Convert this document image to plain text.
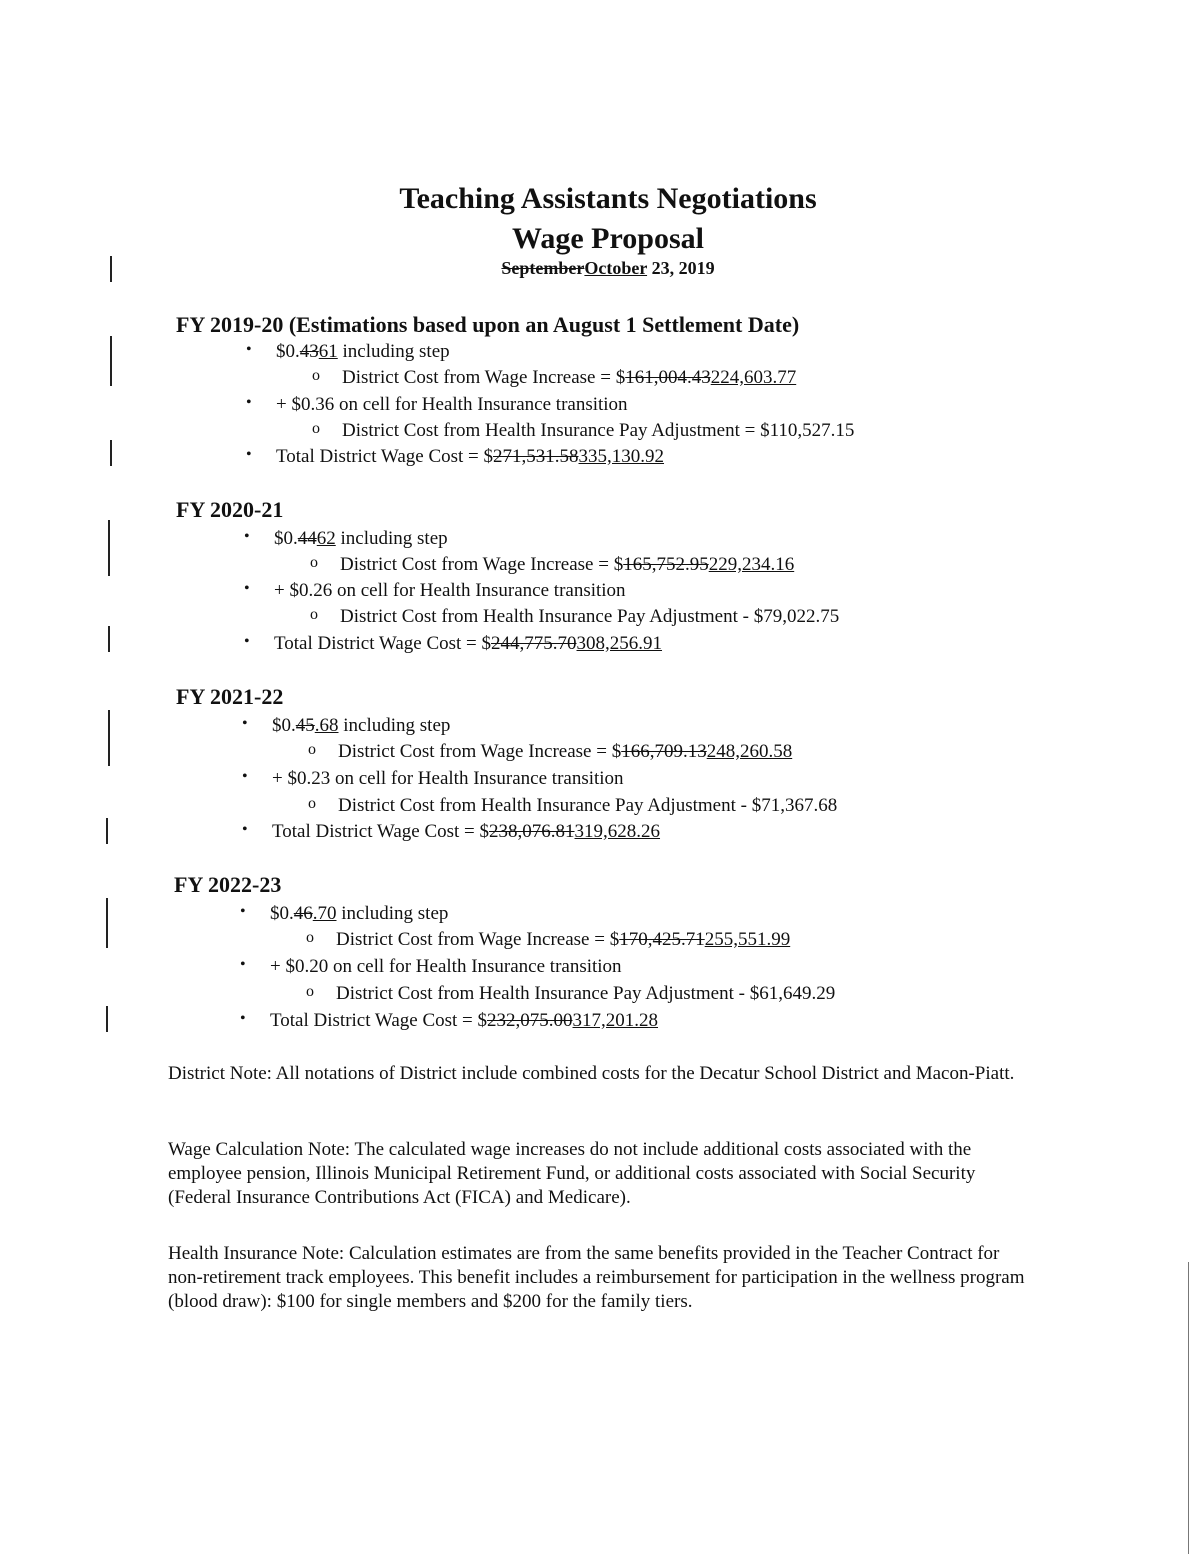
Teaching Assistants Negotiations
Wage Proposal
SeptemberOctober 23, 2019
FY 2019-20 (Estimations based upon an August 1 Settlement Date)
• $0.4361 including step
o District Cost from Wage Increase = $161,004.43224,603.77
• + $0.36 on cell for Health Insurance transition
o District Cost from Health Insurance Pay Adjustment = $110,527.15
• Total District Wage Cost = $271,531.58335,130.92
FY 2020-21
• $0.4462 including step
o District Cost from Wage Increase = $165,752.95229,234.16
• + $0.26 on cell for Health Insurance transition
o District Cost from Health Insurance Pay Adjustment - $79,022.75
• Total District Wage Cost = $244,775.70308,256.91
FY 2021-22
• $0.45.68 including step
o District Cost from Wage Increase = $166,709.13248,260.58
• + $0.23 on cell for Health Insurance transition
o District Cost from Health Insurance Pay Adjustment - $71,367.68
• Total District Wage Cost = $238,076.81319,628.26
FY 2022-23
• $0.46.70 including step
o District Cost from Wage Increase = $170,425.71255,551.99
• + $0.20 on cell for Health Insurance transition
o District Cost from Health Insurance Pay Adjustment - $61,649.29
• Total District Wage Cost = $232,075.00317,201.28

District Note: All notations of District include combined costs for the Decatur School District and Macon-Piatt.

Wage Calculation Note: The calculated wage increases do not include additional costs associated with the employee pension, Illinois Municipal Retirement Fund, or additional costs associated with Social Security (Federal Insurance Contributions Act (FICA) and Medicare).

Health Insurance Note: Calculation estimates are from the same benefits provided in the Teacher Contract for non-retirement track employees. This benefit includes a reimbursement for participation in the wellness program (blood draw): $100 for single members and $200 for the family tiers.
